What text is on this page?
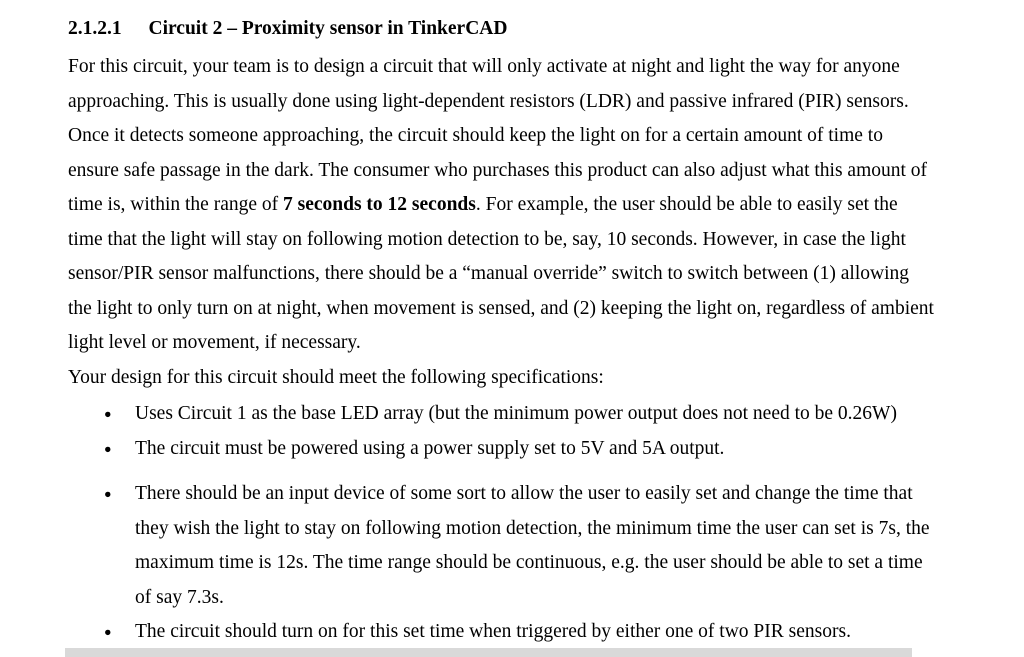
2.1.2.1 Circuit 2 – Proximity sensor in TinkerCAD

For this circuit, your team is to design a circuit that will only activate at night and light the way for anyone approaching. This is usually done using light-dependent resistors (LDR) and passive infrared (PIR) sensors. Once it detects someone approaching, the circuit should keep the light on for a certain amount of time to ensure safe passage in the dark. The consumer who purchases this product can also adjust what this amount of time is, within the range of 7 seconds to 12 seconds. For example, the user should be able to easily set the time that the light will stay on following motion detection to be, say, 10 seconds. However, in case the light sensor/PIR sensor malfunctions, there should be a “manual override” switch to switch between (1) allowing the light to only turn on at night, when movement is sensed, and (2) keeping the light on, regardless of ambient light level or movement, if necessary.

Your design for this circuit should meet the following specifications:

● Uses Circuit 1 as the base LED array (but the minimum power output does not need to be 0.26W)
● The circuit must be powered using a power supply set to 5V and 5A output.
● There should be an input device of some sort to allow the user to easily set and change the time that they wish the light to stay on following motion detection, the minimum time the user can set is 7s, the maximum time is 12s. The time range should be continuous, e.g. the user should be able to set a time of say 7.3s.
● The circuit should turn on for this set time when triggered by either one of two PIR sensors.
